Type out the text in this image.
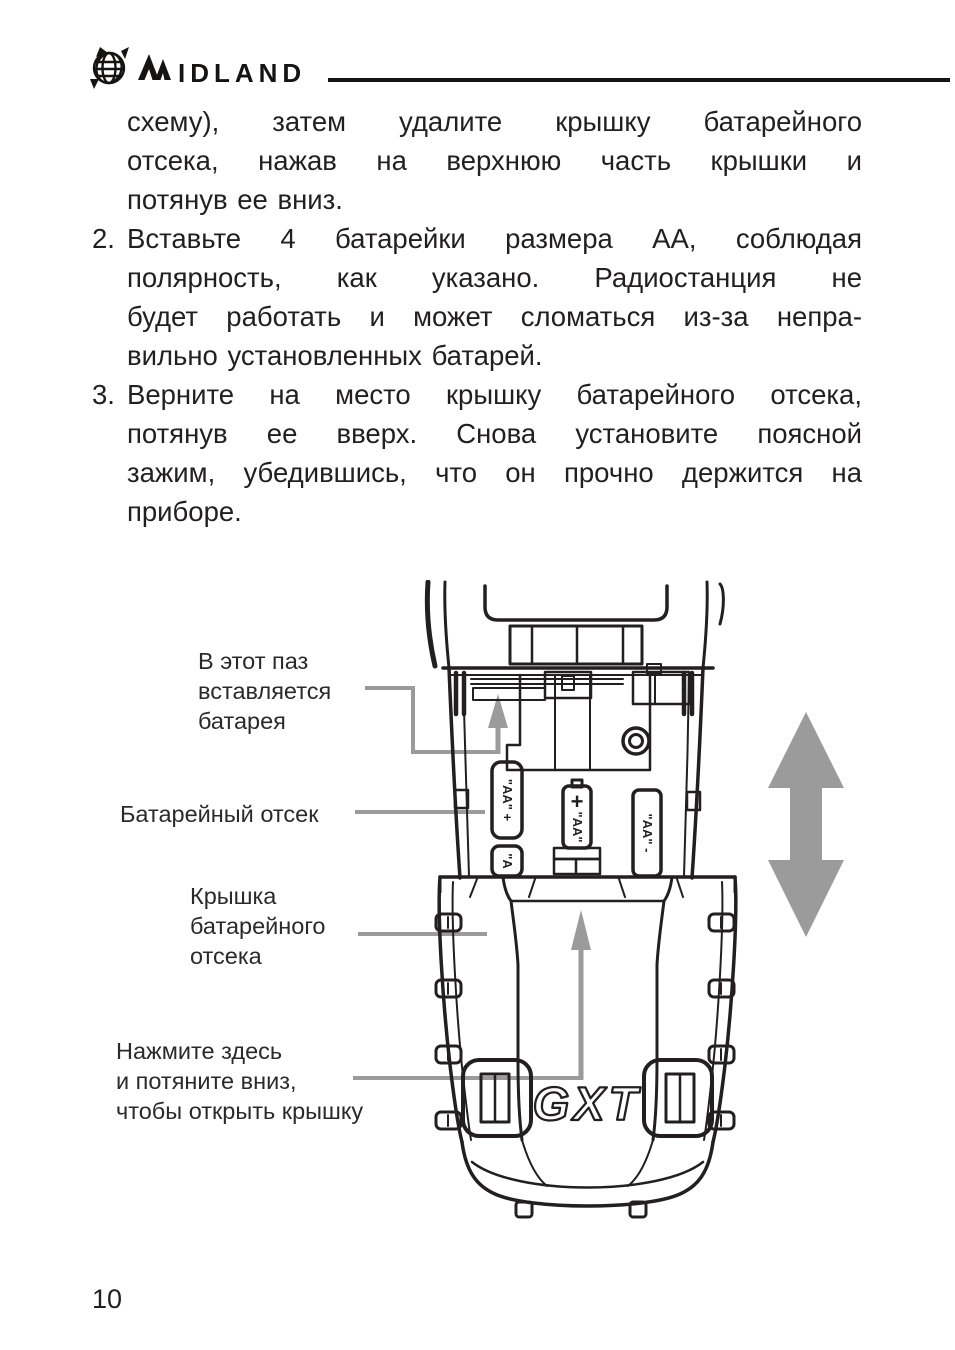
IDLAND
схему), затем удалите крышку батарейного
отсека, нажав на верхнюю часть крышки и
потянув ее вниз.
2. Вставьте 4 батарейки размера АА, соблюдая
полярность, как указано. Радиостанция не
будет работать и может сломаться из-за непра-
вильно установленных батарей.
3. Верните на место крышку батарейного отсека,
потянув ее вверх. Снова установите поясной
зажим, убедившись, что он прочно держится на
приборе.
В этот паз
вставляется
батарея
Батарейный отсек
Крышка
батарейного
отсека
Нажмите здесь
и потяните вниз,
чтобы открыть крышку
"AA" +
"A
+
"AA"	"AA" -
GXT
10
